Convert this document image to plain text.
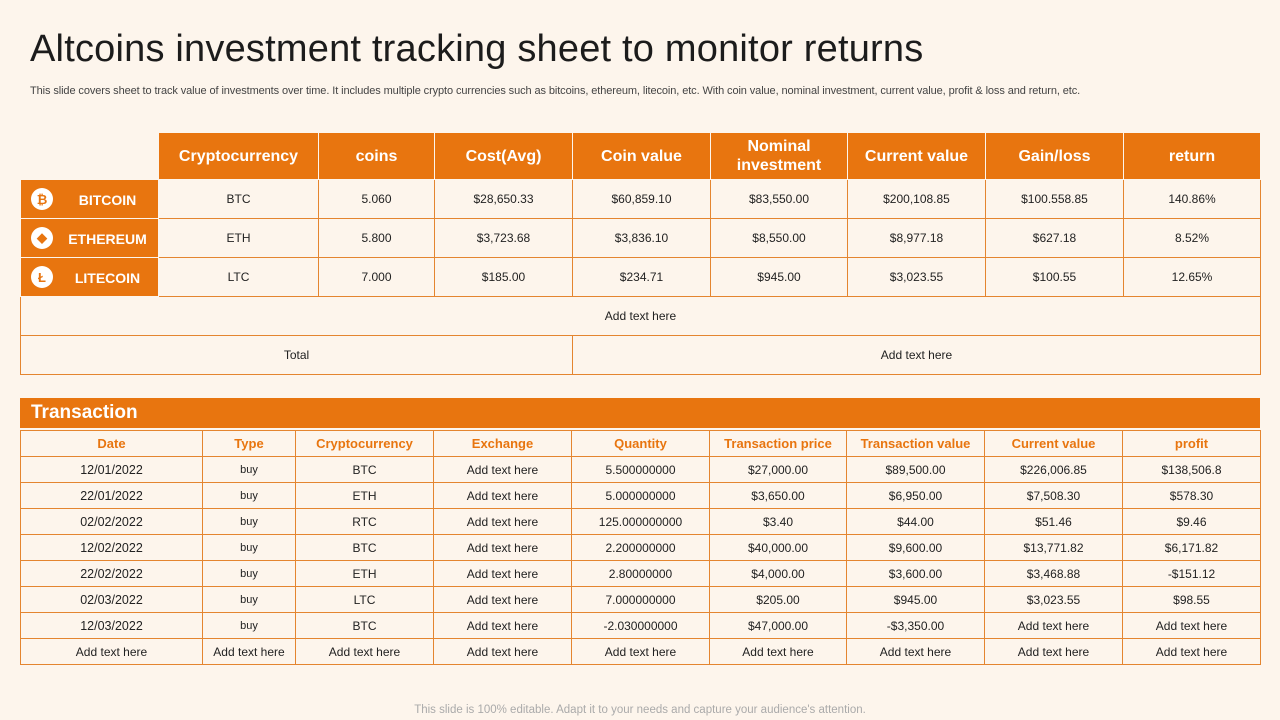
Altcoins investment tracking sheet to monitor returns
This slide covers sheet to track value of investments over time. It includes multiple crypto currencies such as bitcoins, ethereum, litecoin, etc. With coin value, nominal investment, current value, profit & loss and return, etc.
	Cryptocurrency	coins	Cost(Avg)	Coin value	Nominal investment	Current value	Gain/loss	return

₿ BITCOIN	BTC	5.060	$28,650.33	$60,859.10	$83,550.00	$200,108.85	$100.558.85	140.86%

◆ ETHEREUM	ETH	5.800	$3,723.68	$3,836.10	$8,550.00	$8,977.18	$627.18	8.52%

Ł LITECOIN	LTC	7.000	$185.00	$234.71	$945.00	$3,023.55	$100.55	12.65%
Add text here								
Total				Add text here				
Transaction
Date	Type	Cryptocurrency	Exchange	Quantity	Transaction price	Transaction value	Current value	profit
12/01/2022	buy	BTC	Add text here	5.500000000	$27,000.00	$89,500.00	$226,006.85	$138,506.8
22/01/2022	buy	ETH	Add text here	5.000000000	$3,650.00	$6,950.00	$7,508.30	$578.30
02/02/2022	buy	RTC	Add text here	125.000000000	$3.40	$44.00	$51.46	$9.46
12/02/2022	buy	BTC	Add text here	2.200000000	$40,000.00	$9,600.00	$13,771.82	$6,171.82
22/02/2022	buy	ETH	Add text here	2.80000000	$4,000.00	$3,600.00	$3,468.88	-$151.12
02/03/2022	buy	LTC	Add text here	7.000000000	$205.00	$945.00	$3,023.55	$98.55
12/03/2022	buy	BTC	Add text here	-2.030000000	$47,000.00	-$3,350.00	Add text here	Add text here
Add text here	Add text here	Add text here	Add text here	Add text here	Add text here	Add text here	Add text here	Add text here
This slide is 100% editable. Adapt it to your needs and capture your audience's attention.
